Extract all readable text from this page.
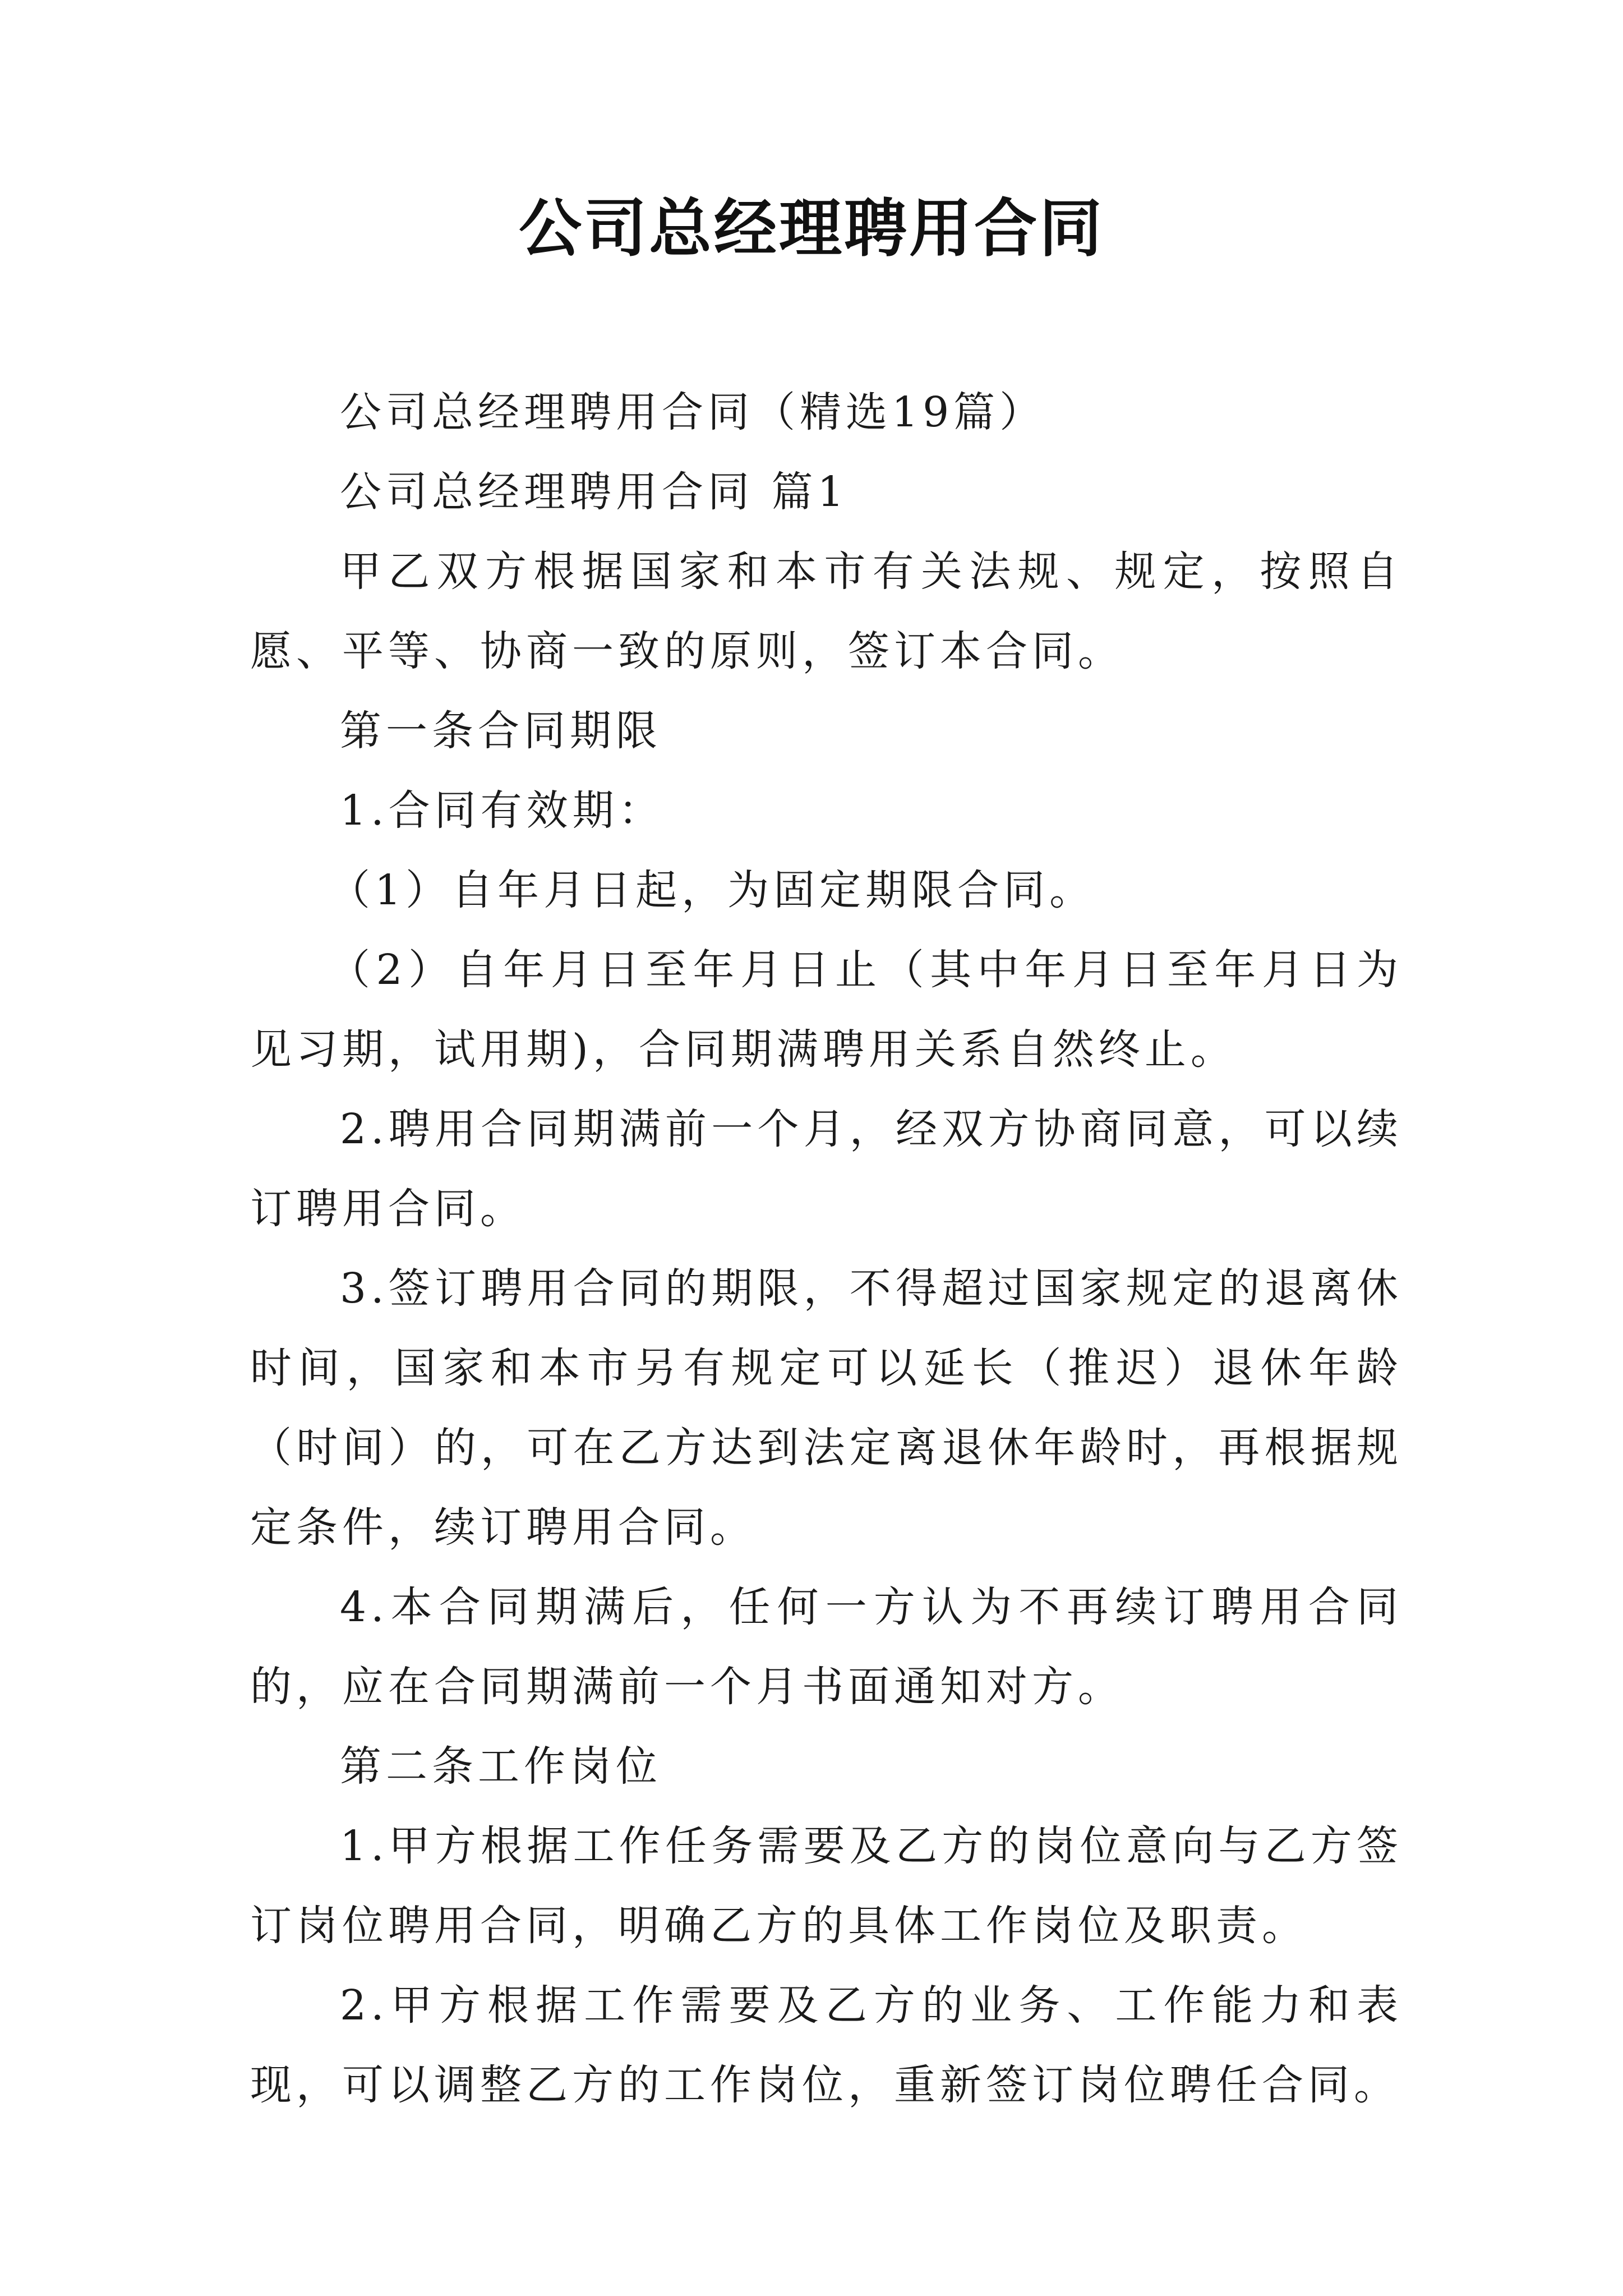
公司总经理聘用合同

公司总经理聘用合同（精选19篇）

公司总经理聘用合同 篇1

甲乙双方根据国家和本市有关法规、规定，按照自愿、平等、协商一致的原则，签订本合同。

第一条合同期限

1.合同有效期：

（1）自年月日起，为固定期限合同。

（2）自年月日至年月日止（其中年月日至年月日为见习期，试用期)，合同期满聘用关系自然终止。

2.聘用合同期满前一个月，经双方协商同意，可以续订聘用合同。

3.签订聘用合同的期限，不得超过国家规定的退离休时间，国家和本市另有规定可以延长（推迟）退休年龄（时间）的，可在乙方达到法定离退休年龄时，再根据规定条件，续订聘用合同。

4.本合同期满后，任何一方认为不再续订聘用合同的，应在合同期满前一个月书面通知对方。

第二条工作岗位

1.甲方根据工作任务需要及乙方的岗位意向与乙方签订岗位聘用合同，明确乙方的具体工作岗位及职责。

2.甲方根据工作需要及乙方的业务、工作能力和表现，可以调整乙方的工作岗位，重新签订岗位聘任合同。
